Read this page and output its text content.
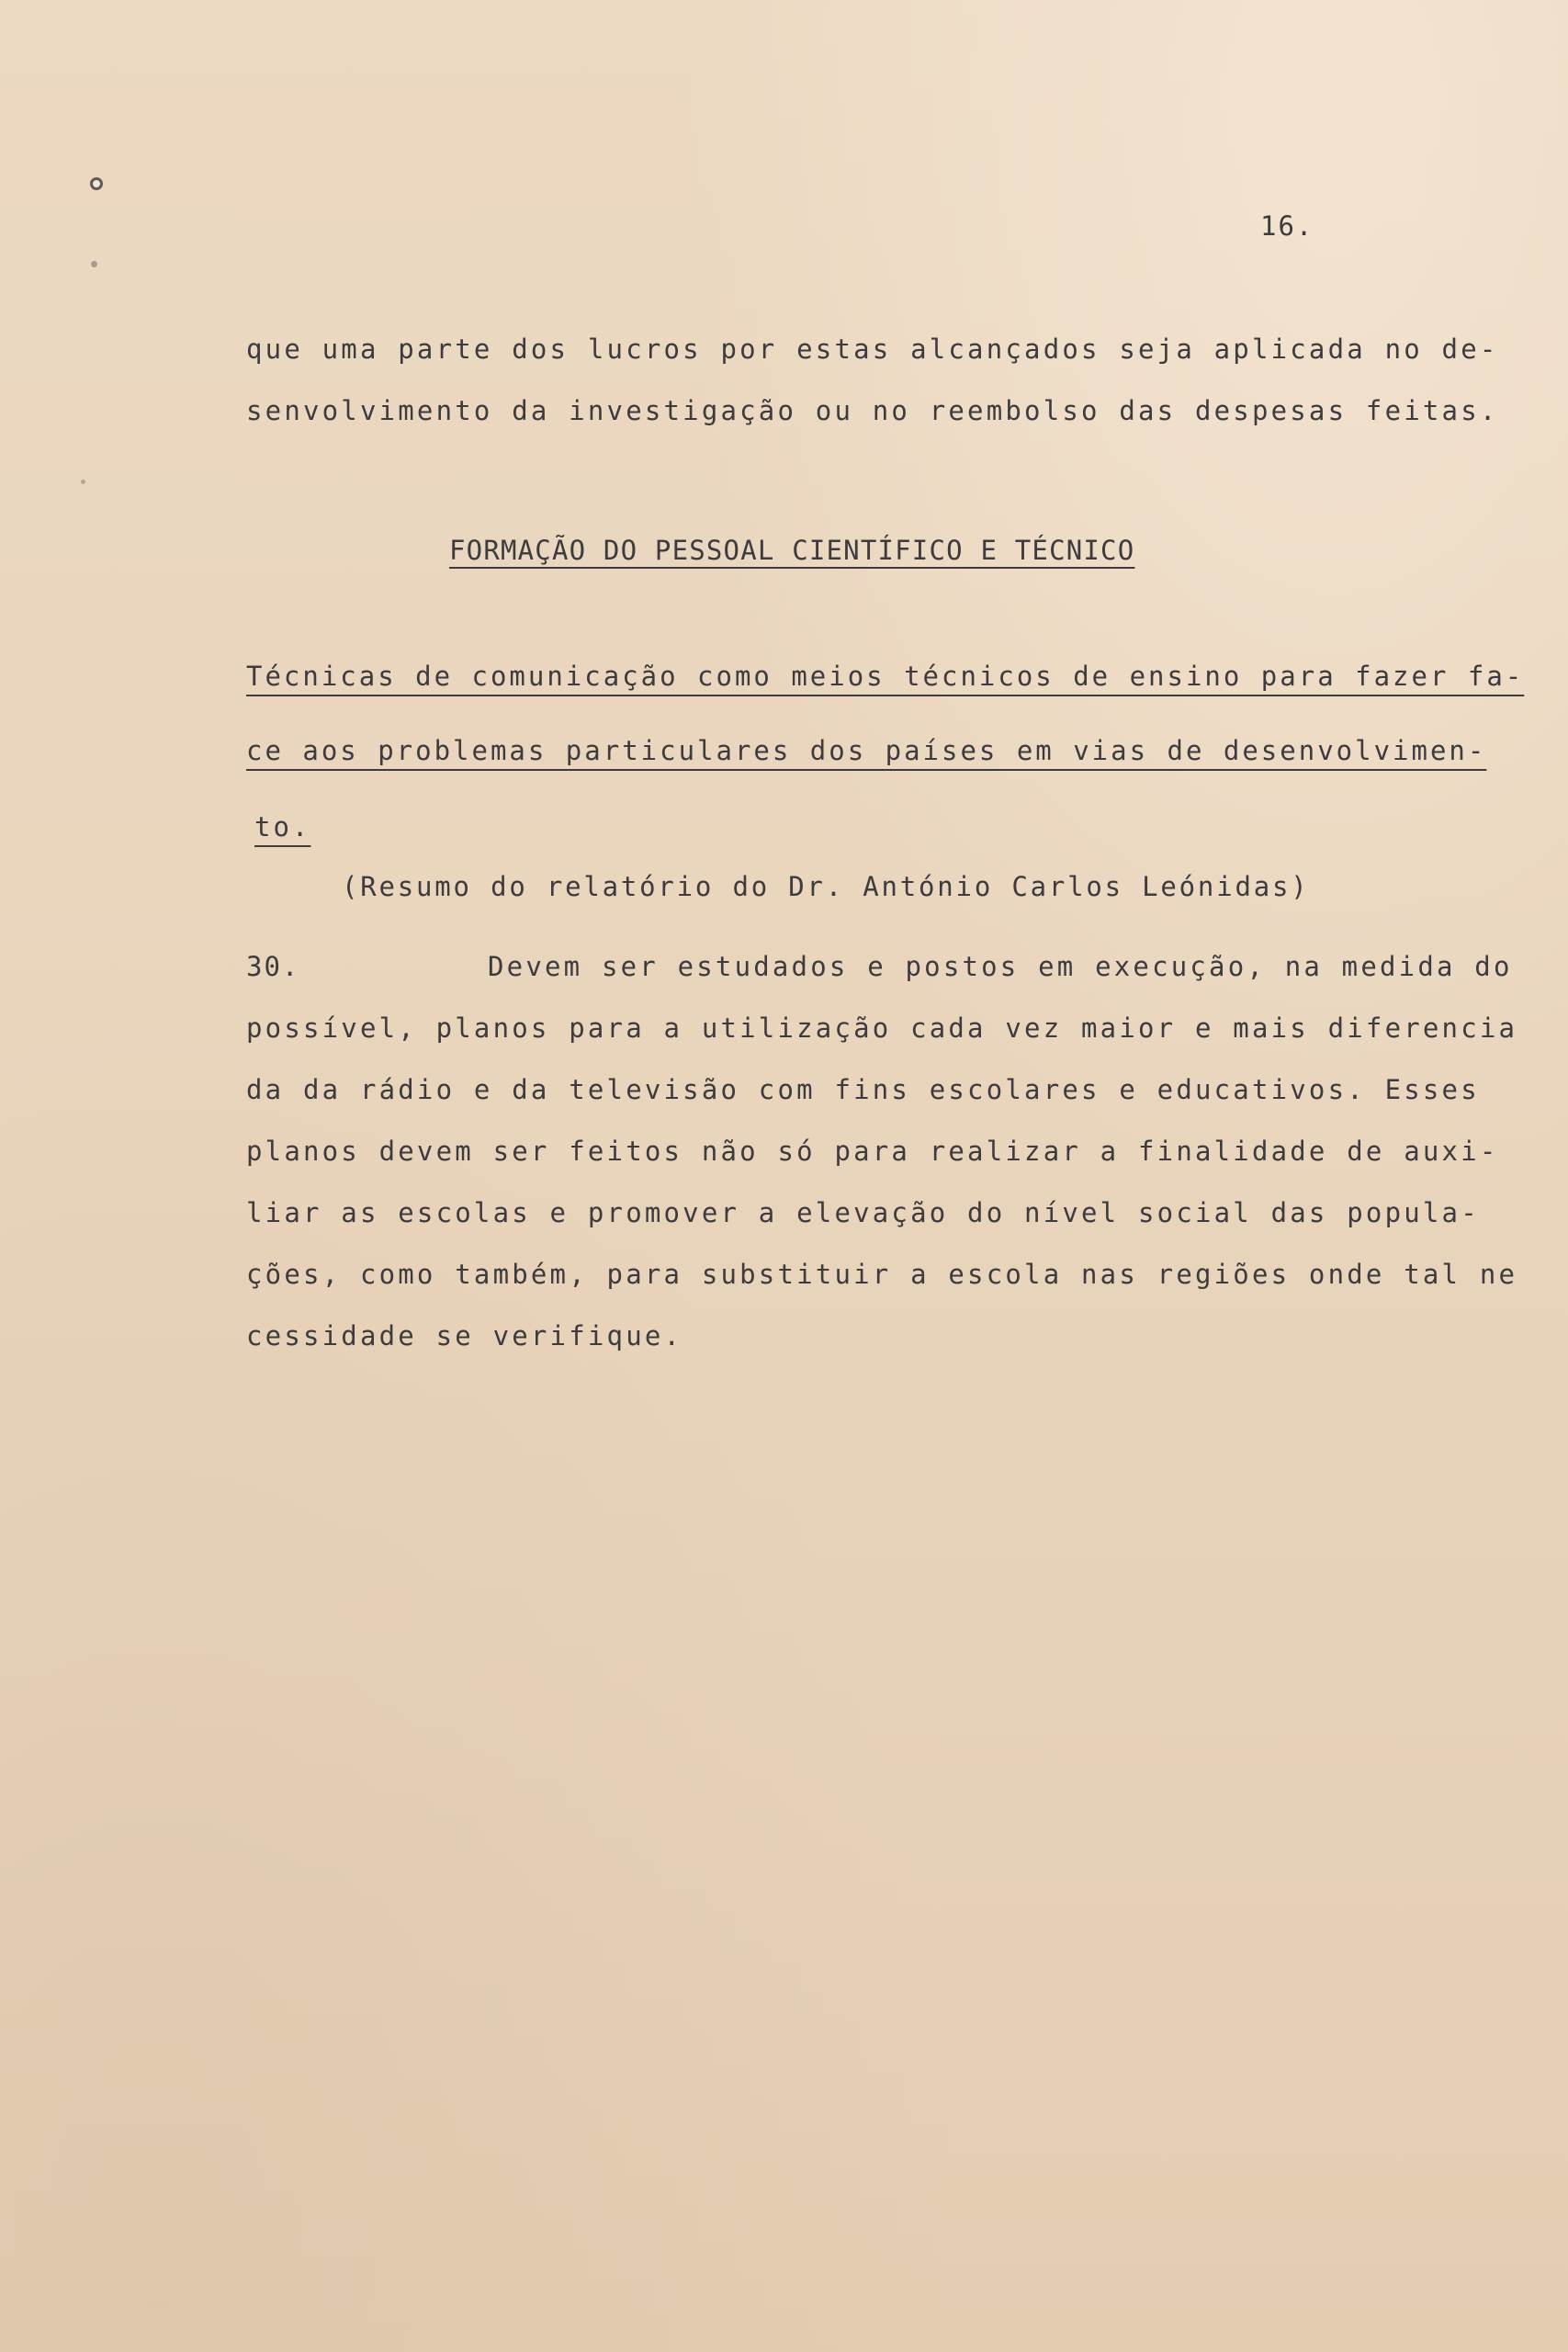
16.
que uma parte dos lucros por estas alcançados seja aplicada no de-
senvolvimento da investigação ou no reembolso das despesas feitas.
FORMAÇÃO DO PESSOAL CIENTÍFICO E TÉCNICO
Técnicas de comunicação como meios técnicos de ensino para fazer fa-
ce aos problemas particulares dos países em vias de desenvolvimen-
to.
(Resumo do relatório do Dr. António Carlos Leónidas)
30.	Devem ser estudados e postos em execução, na medida do
possível, planos para a utilização cada vez maior e mais diferencia
da da rádio e da televisão com fins escolares e educativos. Esses
planos devem ser feitos não só para realizar a finalidade de auxi-
liar as escolas e promover a elevação do nível social das popula-
ções, como também, para substituir a escola nas regiões onde tal ne
cessidade se verifique.
